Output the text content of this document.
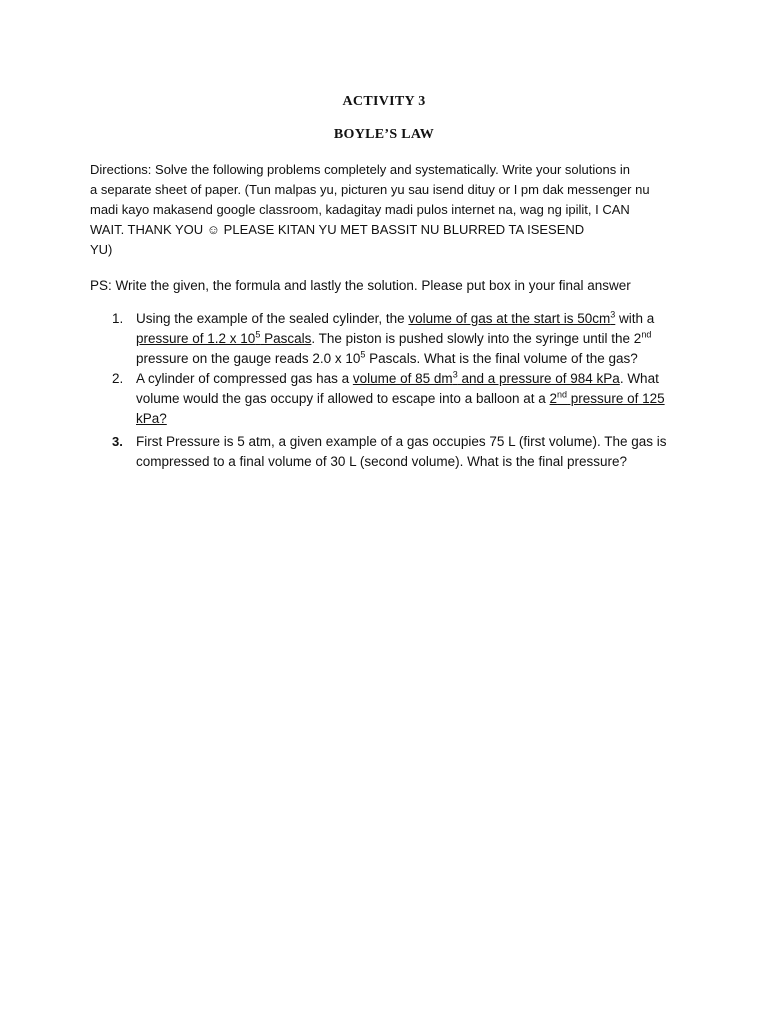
ACTIVITY 3
BOYLE’S LAW
Directions: Solve the following problems completely and systematically. Write your solutions in
a separate sheet of paper. (Tun malpas yu, picturen yu sau isend dituy or I pm dak messenger nu
madi kayo makasend google classroom, kadagitay madi pulos internet na, wag ng ipilit, I CAN
WAIT. THANK YOU ☺ PLEASE KITAN YU MET BASSIT NU BLURRED TA ISESEND
YU)
PS: Write the given, the formula and lastly the solution. Please put box in your final answer
1. Using the example of the sealed cylinder, the volume of gas at the start is $50cm^3$ with a
pressure of 1.2 x $10^5$ Pascals. The piston is pushed slowly into the syringe until the 2nd
pressure on the gauge reads 2.0 x $10^5$ Pascals. What is the final volume of the gas?
2. A cylinder of compressed gas has a volume of 85 $dm^3$ and a pressure of 984 kPa. What
volume would the gas occupy if allowed to escape into a balloon at a 2nd pressure of 125
kPa?
3. First Pressure is 5 atm, a given example of a gas occupies 75 L (first volume). The gas is
compressed to a final volume of 30 L (second volume). What is the final pressure?
